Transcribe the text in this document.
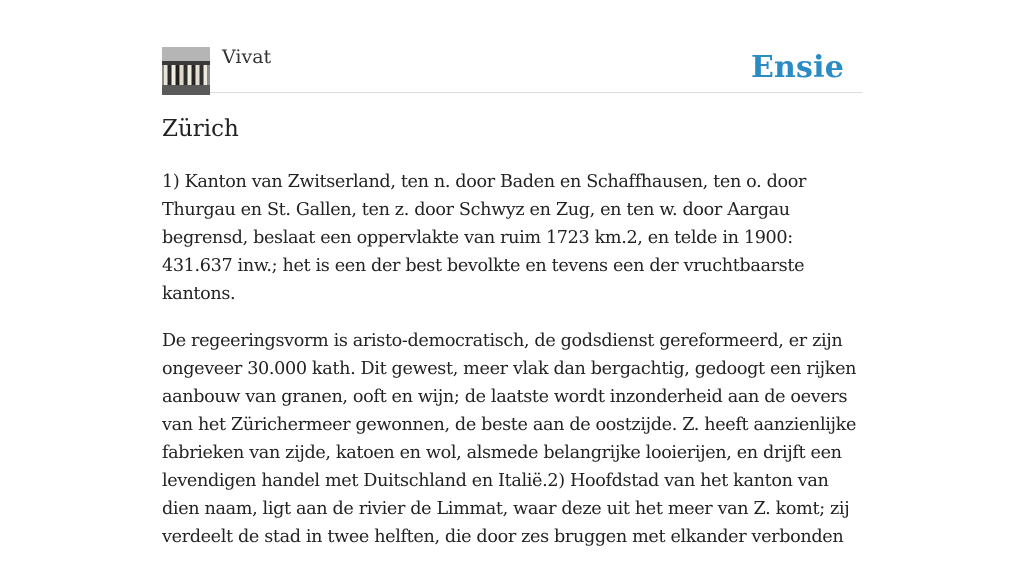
Vivat	Ensie
Zürich

1) Kanton van Zwitserland, ten n. door Baden en Schaffhausen, ten o. door Thurgau en St. Gallen, ten z. door Schwyz en Zug, en ten w. door Aargau begrensd, beslaat een oppervlakte van ruim 1723 km.2, en telde in 1900: 431.637 inw.; het is een der best bevolkte en tevens een der vruchtbaarste kantons.

De regeeringsvorm is aristo-democratisch, de godsdienst gereformeerd, er zijn ongeveer 30.000 kath. Dit gewest, meer vlak dan bergachtig, gedoogt een rijken aanbouw van granen, ooft en wijn; de laatste wordt inzonderheid aan de oevers van het Zürichermeer gewonnen, de beste aan de oostzijde. Z. heeft aanzienlijke fabrieken van zijde, katoen en wol, alsmede belangrijke looierijen, en drijft een levendigen handel met Duitschland en Italië.2) Hoofdstad van het kanton van dien naam, ligt aan de rivier de Limmat, waar deze uit het meer van Z. komt; zij verdeelt de stad in twee helften, die door zes bruggen met elkander verbonden
